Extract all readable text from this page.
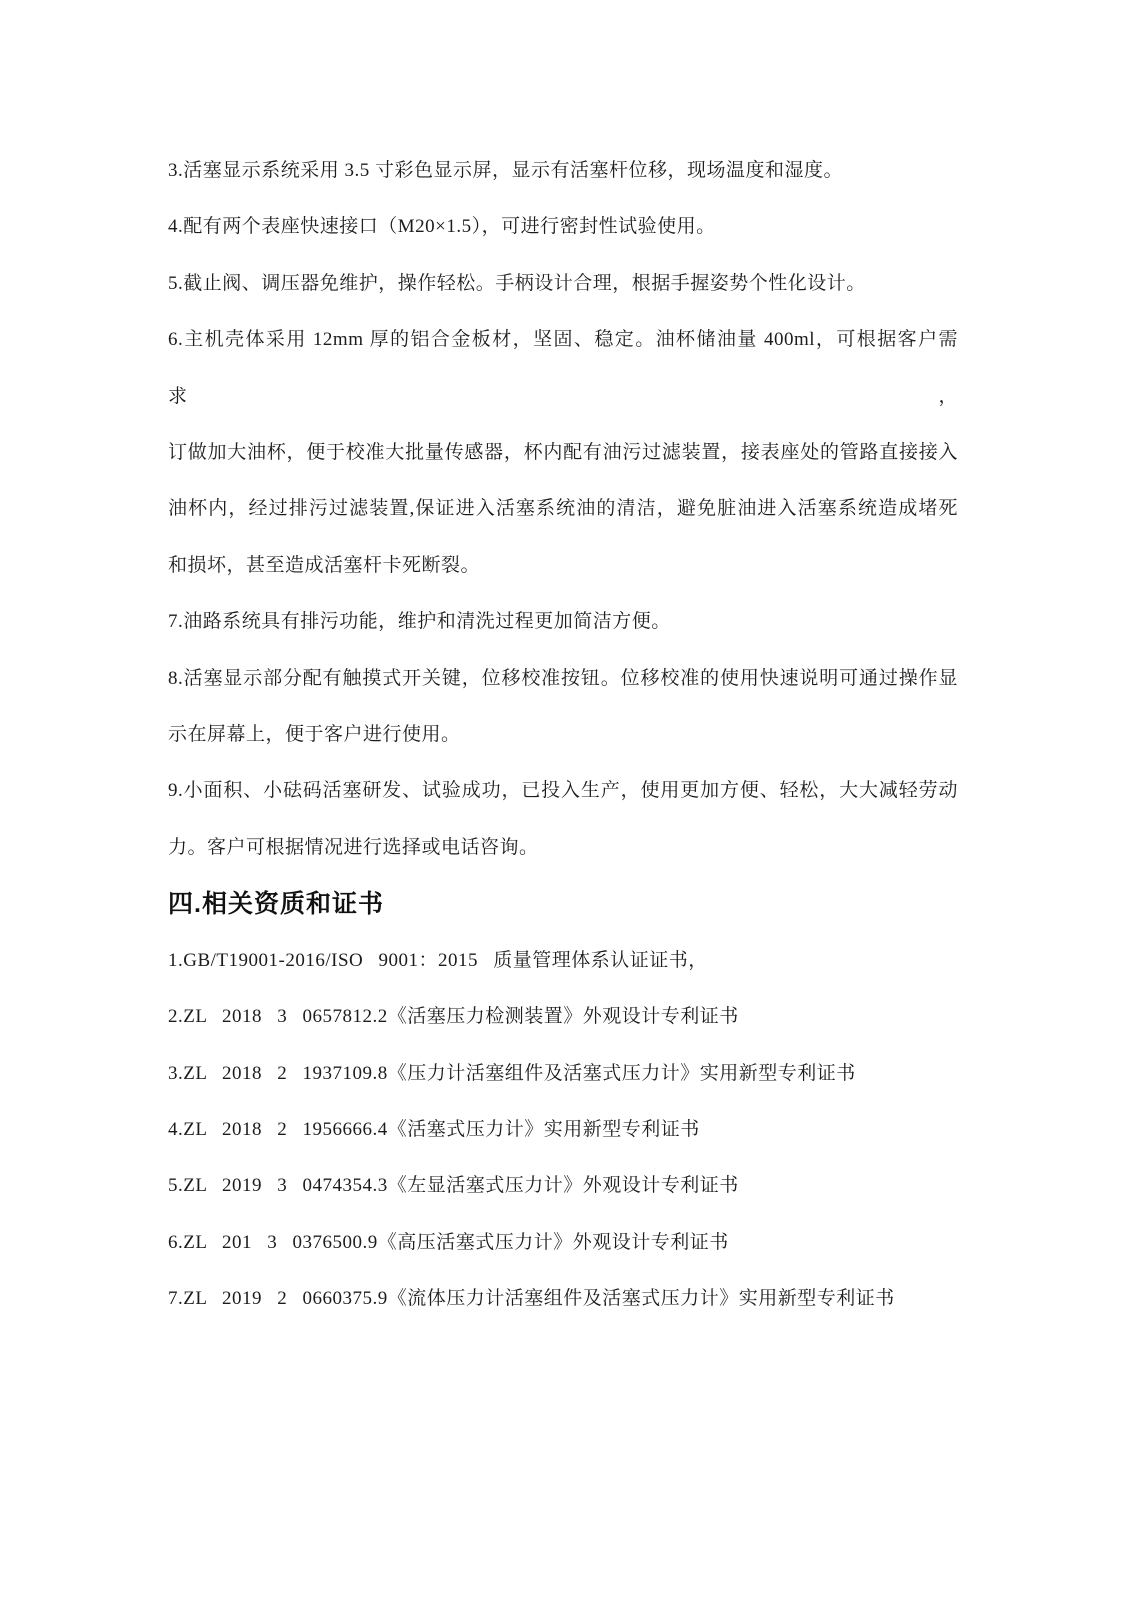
3.活塞显示系统采用 3.5 寸彩色显示屏，显示有活塞杆位移，现场温度和湿度。
4.配有两个表座快速接口（M20×1.5），可进行密封性试验使用。
5.截止阀、调压器免维护，操作轻松。手柄设计合理，根据手握姿势个性化设计。
6.主机壳体采用 12mm 厚的铝合金板材，坚固、稳定。油杯储油量 400ml，可根据客户需求，
订做加大油杯，便于校准大批量传感器，杯内配有油污过滤装置，接表座处的管路直接接入
油杯内，经过排污过滤装置,保证进入活塞系统油的清洁，避免脏油进入活塞系统造成堵死
和损坏，甚至造成活塞杆卡死断裂。
7.油路系统具有排污功能，维护和清洗过程更加简洁方便。
8.活塞显示部分配有触摸式开关键，位移校准按钮。位移校准的使用快速说明可通过操作显
示在屏幕上，便于客户进行使用。
9.小面积、小砝码活塞研发、试验成功，已投入生产，使用更加方便、轻松，大大减轻劳动
力。客户可根据情况进行选择或电话咨询。
四.相关资质和证书
1.GB/T19001-2016/ISO 9001：2015 质量管理体系认证证书，
2.ZL 2018 3 0657812.2《活塞压力检测装置》外观设计专利证书
3.ZL 2018 2 1937109.8《压力计活塞组件及活塞式压力计》实用新型专利证书
4.ZL 2018 2 1956666.4《活塞式压力计》实用新型专利证书
5.ZL 2019 3 0474354.3《左显活塞式压力计》外观设计专利证书
6.ZL 201 3 0376500.9《高压活塞式压力计》外观设计专利证书
7.ZL 2019 2 0660375.9《流体压力计活塞组件及活塞式压力计》实用新型专利证书
